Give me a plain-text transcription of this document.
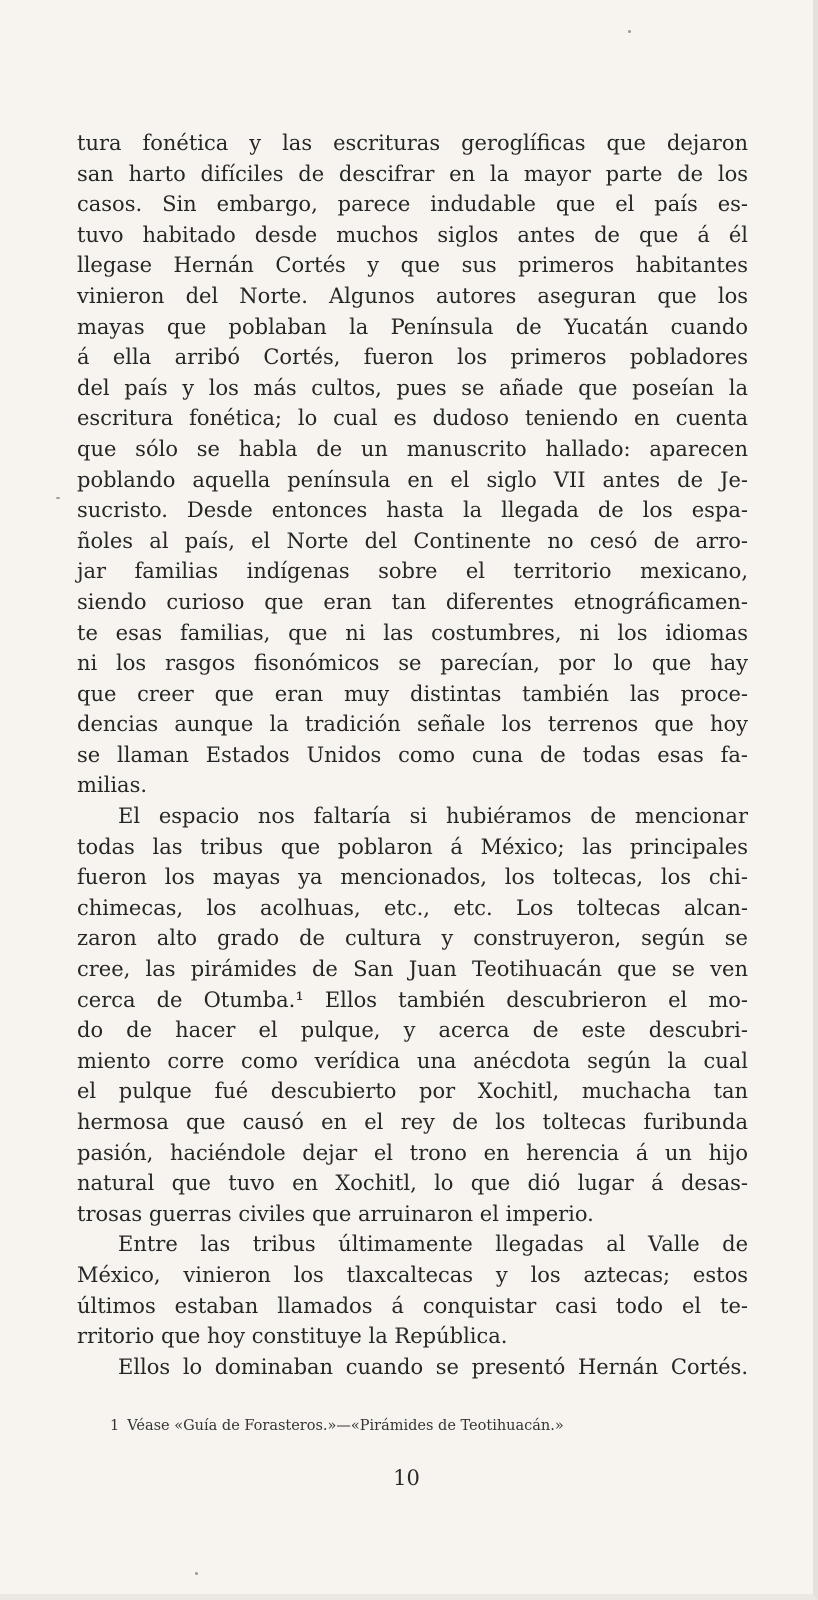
tura fonética y las escrituras geroglíficas que dejaron
san harto difíciles de descifrar en la mayor parte de los
casos. Sin embargo, parece indudable que el país es-
tuvo habitado desde muchos siglos antes de que á él
llegase Hernán Cortés y que sus primeros habitantes
vinieron del Norte. Algunos autores aseguran que los
mayas que poblaban la Península de Yucatán cuando
á ella arribó Cortés, fueron los primeros pobladores
del país y los más cultos, pues se añade que poseían la
escritura fonética; lo cual es dudoso teniendo en cuenta
que sólo se habla de un manuscrito hallado: aparecen
poblando aquella península en el siglo VII antes de Je-
sucristo. Desde entonces hasta la llegada de los espa-
ñoles al país, el Norte del Continente no cesó de arro-
jar familias indígenas sobre el territorio mexicano,
siendo curioso que eran tan diferentes etnográficamen-
te esas familias, que ni las costumbres, ni los idiomas
ni los rasgos fisonómicos se parecían, por lo que hay
que creer que eran muy distintas también las proce-
dencias aunque la tradición señale los terrenos que hoy
se llaman Estados Unidos como cuna de todas esas fa-
milias.
El espacio nos faltaría si hubiéramos de mencionar
todas las tribus que poblaron á México; las principales
fueron los mayas ya mencionados, los toltecas, los chi-
chimecas, los acolhuas, etc., etc. Los toltecas alcan-
zaron alto grado de cultura y construyeron, según se
cree, las pirámides de San Juan Teotihuacán que se ven
cerca de Otumba.¹ Ellos también descubrieron el mo-
do de hacer el pulque, y acerca de este descubri-
miento corre como verídica una anécdota según la cual
el pulque fué descubierto por Xochitl, muchacha tan
hermosa que causó en el rey de los toltecas furibunda
pasión, haciéndole dejar el trono en herencia á un hijo
natural que tuvo en Xochitl, lo que dió lugar á desas-
trosas guerras civiles que arruinaron el imperio.
Entre las tribus últimamente llegadas al Valle de
México, vinieron los tlaxcaltecas y los aztecas; estos
últimos estaban llamados á conquistar casi todo el te-
rritorio que hoy constituye la República.
Ellos lo dominaban cuando se presentó Hernán Cortés.
1 Véase «Guía de Forasteros.»—«Pirámides de Teotihuacán.»
10
